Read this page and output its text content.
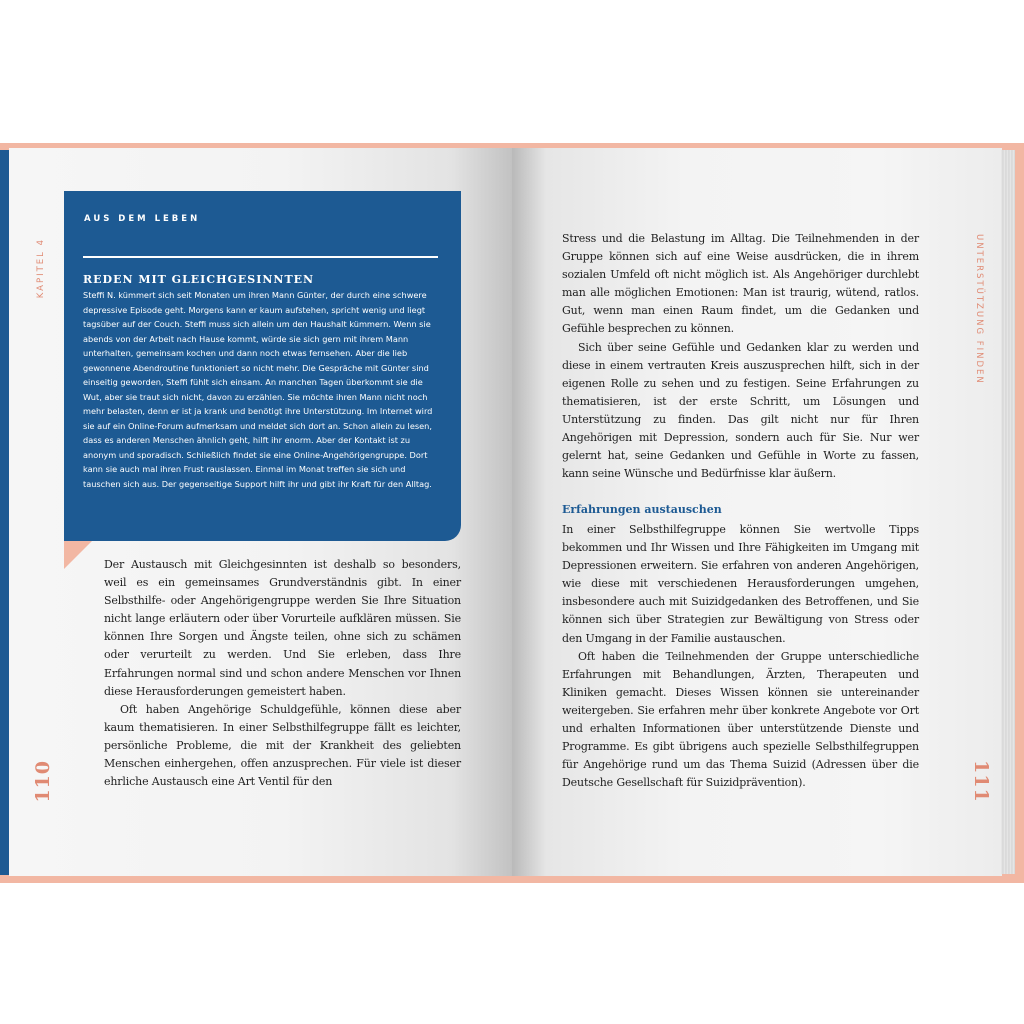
KAPITEL 4
110
AUS DEM LEBEN
REDEN MIT GLEICHGESINNTEN

Steffi N. kümmert sich seit Monaten um ihren Mann Günter, der durch eine schwere depressive Episode geht. Morgens kann er kaum aufstehen, spricht wenig und liegt tagsüber auf der Couch. Steffi muss sich allein um den Haushalt kümmern. Wenn sie abends von der Arbeit nach Hause kommt, würde sie sich gern mit ihrem Mann unterhalten, gemeinsam kochen und dann noch etwas fernsehen. Aber die lieb gewonnene Abendroutine funktioniert so nicht mehr. Die Gespräche mit Günter sind einseitig geworden, Steffi fühlt sich einsam. An manchen Tagen überkommt sie die Wut, aber sie traut sich nicht, davon zu erzählen. Sie möchte ihren Mann nicht noch mehr belasten, denn er ist ja krank und benötigt ihre Unterstützung. Im Internet wird sie auf ein Online-Forum aufmerksam und meldet sich dort an. Schon allein zu lesen, dass es anderen Menschen ähnlich geht, hilft ihr enorm. Aber der Kontakt ist zu anonym und sporadisch. Schließlich findet sie eine Online-Angehörigengruppe. Dort kann sie auch mal ihren Frust rauslassen. Einmal im Monat treffen sie sich und tauschen sich aus. Der gegenseitige Support hilft ihr und gibt ihr Kraft für den Alltag.

Der Austausch mit Gleichgesinnten ist deshalb so besonders, weil es ein gemeinsames Grundverständnis gibt. In einer Selbsthilfe- oder Angehörigengruppe werden Sie Ihre Situation nicht lange erläutern oder über Vorurteile aufklären müssen. Sie können Ihre Sorgen und Ängste teilen, ohne sich zu schämen oder verurteilt zu werden. Und Sie erleben, dass Ihre Erfahrungen normal sind und schon andere Menschen vor Ihnen diese Herausforderungen gemeistert haben.

Oft haben Angehörige Schuldgefühle, können diese aber kaum thematisieren. In einer Selbsthilfegruppe fällt es leichter, persönliche Probleme, die mit der Krankheit des geliebten Menschen einhergehen, offen anzusprechen. Für viele ist dieser ehrliche Austausch eine Art Ventil für den

UNTERSTÜTZUNG FINDEN
111

Stress und die Belastung im Alltag. Die Teilnehmenden in der Gruppe können sich auf eine Weise ausdrücken, die in ihrem sozialen Umfeld oft nicht möglich ist. Als Angehöriger durchlebt man alle möglichen Emotionen: Man ist traurig, wütend, ratlos. Gut, wenn man einen Raum findet, um die Gedanken und Gefühle besprechen zu können.

Sich über seine Gefühle und Gedanken klar zu werden und diese in einem vertrauten Kreis auszusprechen hilft, sich in der eigenen Rolle zu sehen und zu festigen. Seine Erfahrungen zu thematisieren, ist der erste Schritt, um Lösungen und Unterstützung zu finden. Das gilt nicht nur für Ihren Angehörigen mit Depression, sondern auch für Sie. Nur wer gelernt hat, seine Gedanken und Gefühle in Worte zu fassen, kann seine Wünsche und Bedürfnisse klar äußern.

Erfahrungen austauschen

In einer Selbsthilfegruppe können Sie wertvolle Tipps bekommen und Ihr Wissen und Ihre Fähigkeiten im Umgang mit Depressionen erweitern. Sie erfahren von anderen Angehörigen, wie diese mit verschiedenen Herausforderungen umgehen, insbesondere auch mit Suizidgedanken des Betroffenen, und Sie können sich über Strategien zur Bewältigung von Stress oder den Umgang in der Familie austauschen.

Oft haben die Teilnehmenden der Gruppe unterschiedliche Erfahrungen mit Behandlungen, Ärzten, Therapeuten und Kliniken gemacht. Dieses Wissen können sie untereinander weitergeben. Sie erfahren mehr über konkrete Angebote vor Ort und erhalten Informationen über unterstützende Dienste und Programme. Es gibt übrigens auch spezielle Selbsthilfegruppen für Angehörige rund um das Thema Suizid (Adressen über die Deutsche Gesellschaft für Suizidprävention).
